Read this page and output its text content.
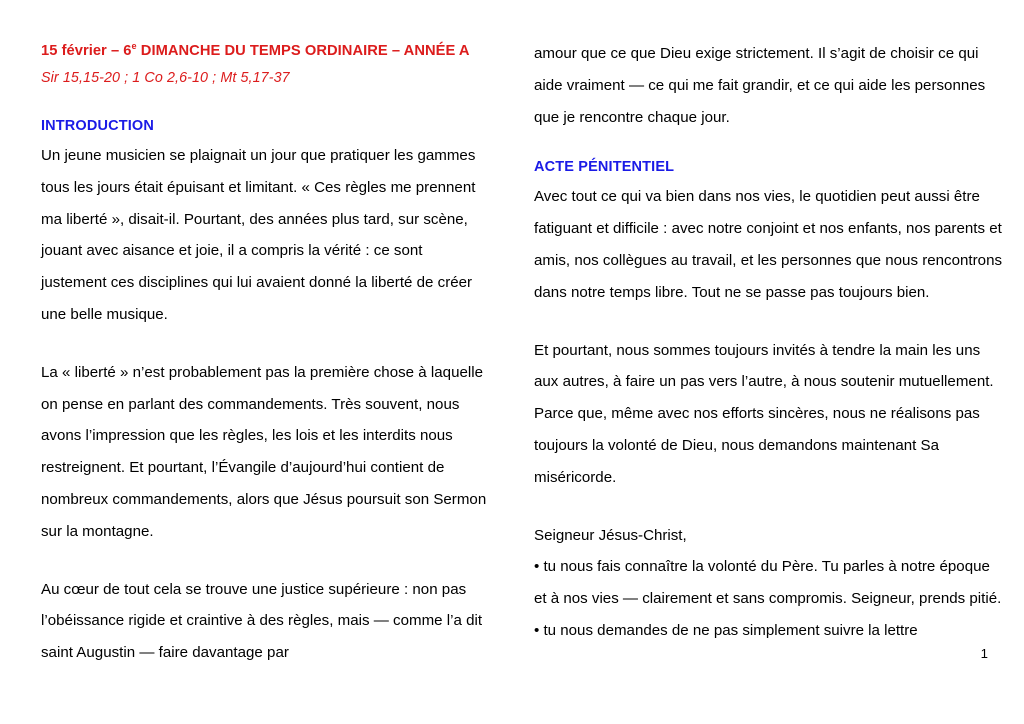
15 février – 6e DIMANCHE DU TEMPS ORDINAIRE – ANNÉE A

Sir 15,15-20 ; 1 Co 2,6-10 ; Mt 5,17-37

INTRODUCTION

Un jeune musicien se plaignait un jour que pratiquer les gammes tous les jours était épuisant et limitant. « Ces règles me prennent ma liberté », disait-il. Pourtant, des années plus tard, sur scène, jouant avec aisance et joie, il a compris la vérité : ce sont justement ces disciplines qui lui avaient donné la liberté de créer une belle musique.

La « liberté » n’est probablement pas la première chose à laquelle on pense en parlant des commandements. Très souvent, nous avons l’impression que les règles, les lois et les interdits nous restreignent. Et pourtant, l’Évangile d’aujourd’hui contient de nombreux commandements, alors que Jésus poursuit son Sermon sur la montagne.

Au cœur de tout cela se trouve une justice supérieure : non pas l’obéissance rigide et craintive à des règles, mais — comme l’a dit saint Augustin — faire davantage par

amour que ce que Dieu exige strictement. Il s’agit de choisir ce qui aide vraiment — ce qui me fait grandir, et ce qui aide les personnes que je rencontre chaque jour.

ACTE PÉNITENTIEL

Avec tout ce qui va bien dans nos vies, le quotidien peut aussi être fatiguant et difficile : avec notre conjoint et nos enfants, nos parents et amis, nos collègues au travail, et les personnes que nous rencontrons dans notre temps libre. Tout ne se passe pas toujours bien.

Et pourtant, nous sommes toujours invités à tendre la main les uns aux autres, à faire un pas vers l’autre, à nous soutenir mutuellement. Parce que, même avec nos efforts sincères, nous ne réalisons pas toujours la volonté de Dieu, nous demandons maintenant Sa miséricorde.

Seigneur Jésus-Christ,

• tu nous fais connaître la volonté du Père. Tu parles à notre époque et à nos vies — clairement et sans compromis. Seigneur, prends pitié.

• tu nous demandes de ne pas simplement suivre la lettre

1
